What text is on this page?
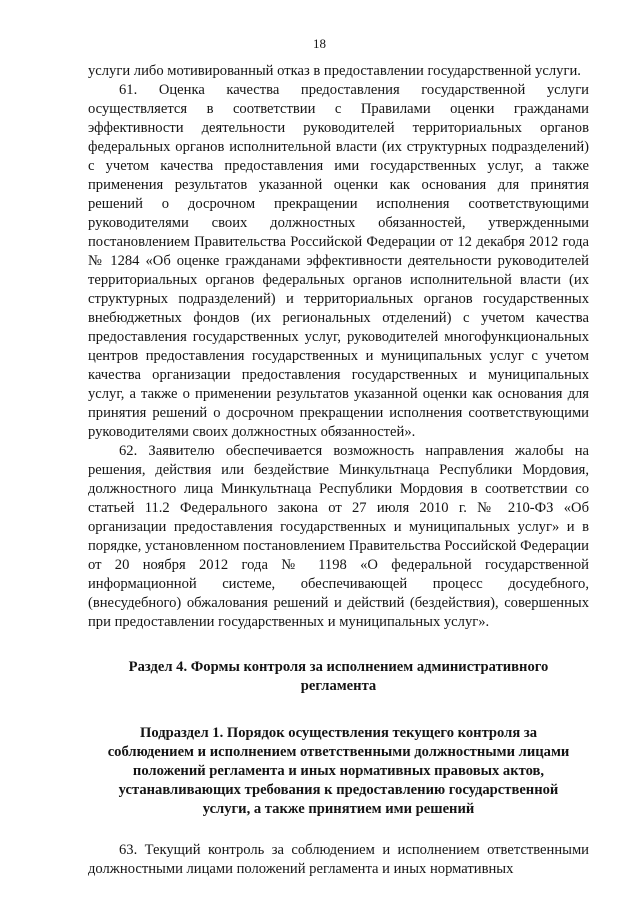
18

услуги либо мотивированный отказ в предоставлении государственной услуги.

61. Оценка качества предоставления государственной услуги осуществляется в соответствии с Правилами оценки гражданами эффективности деятельности руководителей территориальных органов федеральных органов исполнительной власти (их структурных подразделений) с учетом качества предоставления ими государственных услуг, а также применения результатов указанной оценки как основания для принятия решений о досрочном прекращении исполнения соответствующими руководителями своих должностных обязанностей, утвержденными постановлением Правительства Российской Федерации от 12 декабря 2012 года № 1284 «Об оценке гражданами эффективности деятельности руководителей территориальных органов федеральных органов исполнительной власти (их структурных подразделений) и территориальных органов государственных внебюджетных фондов (их региональных отделений) с учетом качества предоставления государственных услуг, руководителей многофункциональных центров предоставления государственных и муниципальных услуг с учетом качества организации предоставления государственных и муниципальных услуг, а также о применении результатов указанной оценки как основания для принятия решений о досрочном прекращении исполнения соответствующими руководителями своих должностных обязанностей».

62. Заявителю обеспечивается возможность направления жалобы на решения, действия или бездействие Минкультнаца Республики Мордовия, должностного лица Минкультнаца Республики Мордовия в соответствии со статьей 11.2 Федерального закона от 27 июля 2010 г. № 210-ФЗ «Об организации предоставления государственных и муниципальных услуг» и в порядке, установленном постановлением Правительства Российской Федерации от 20 ноября 2012 года № 1198 «О федеральной государственной информационной системе, обеспечивающей процесс досудебного, (внесудебного) обжалования решений и действий (бездействия), совершенных при предоставлении государственных и муниципальных услуг».

Раздел 4. Формы контроля за исполнением административного регламента
Подраздел 1. Порядок осуществления текущего контроля за соблюдением и исполнением ответственными должностными лицами положений регламента и иных нормативных правовых актов, устанавливающих требования к предоставлению государственной услуги, а также принятием ими решений

63. Текущий контроль за соблюдением и исполнением ответственными должностными лицами положений регламента и иных нормативных
